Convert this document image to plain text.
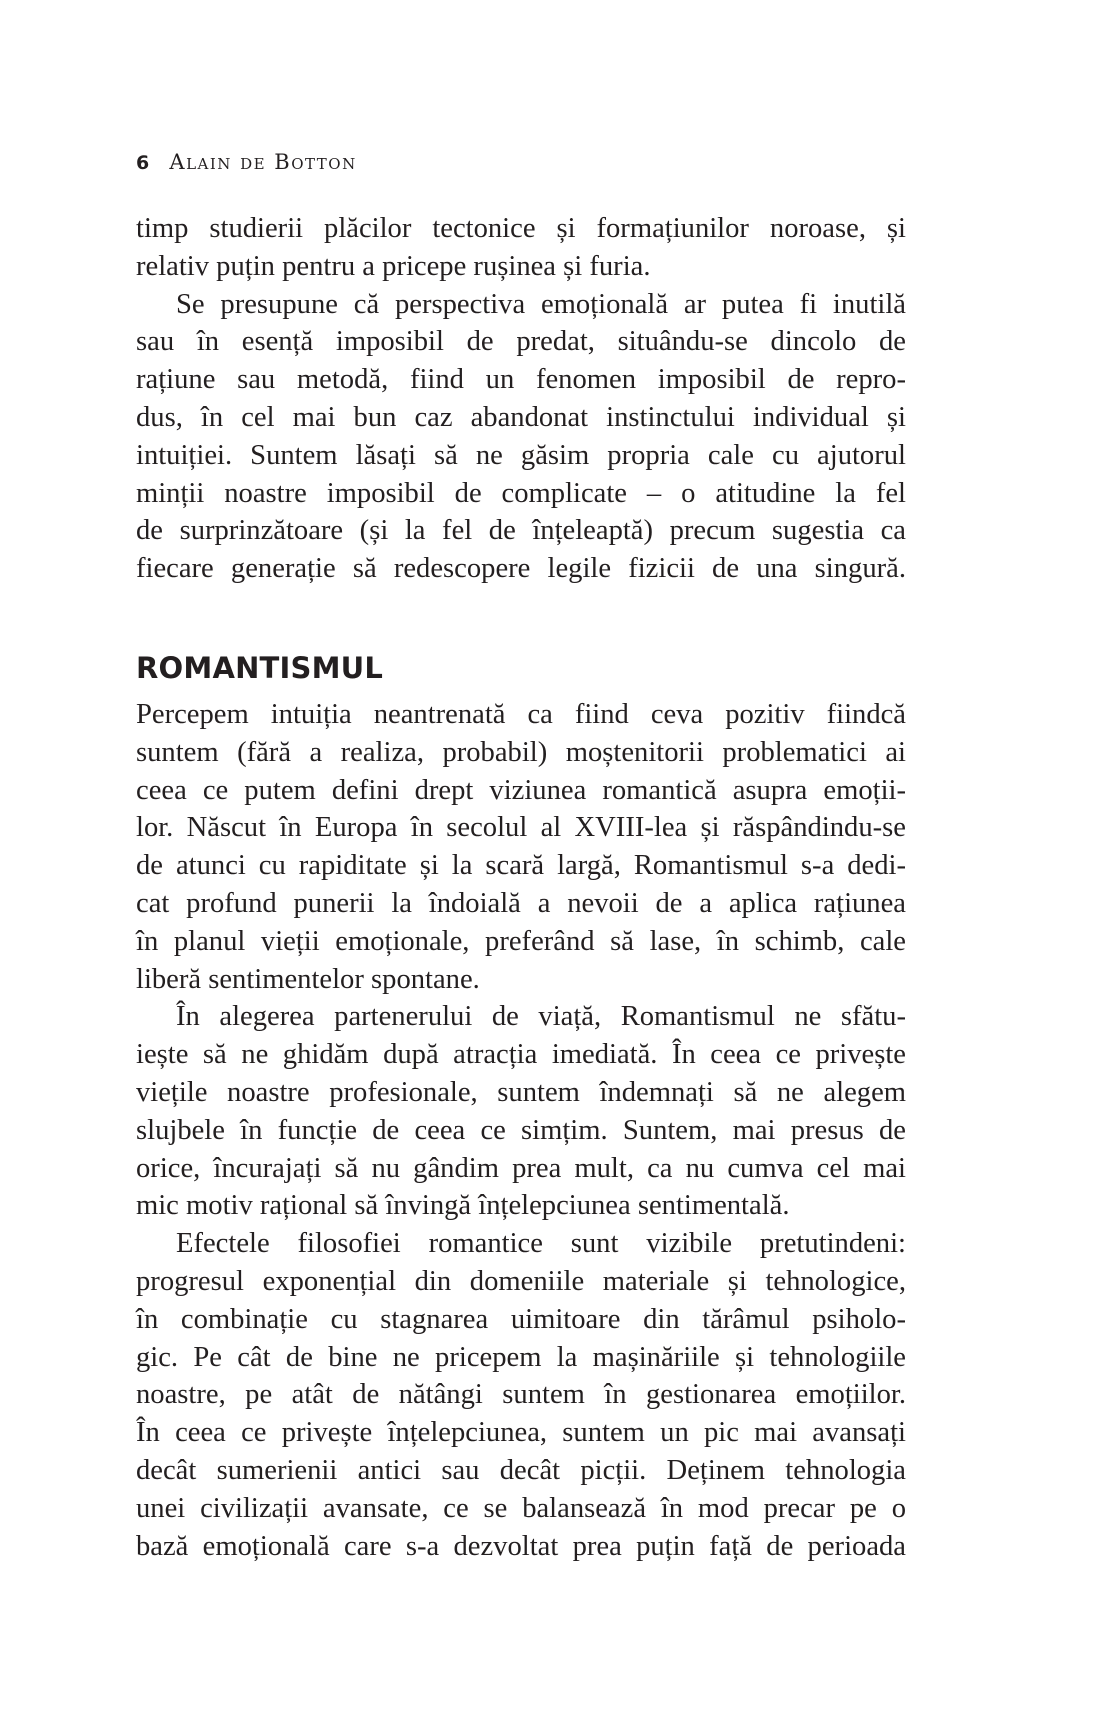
6 Alain de Botton

timp studierii plăcilor tectonice și formațiunilor noroase, și
relativ puțin pentru a pricepe rușinea și furia.

Se presupune că perspectiva emoțională ar putea fi inutilă
sau în esență imposibil de predat, situându-se dincolo de
rațiune sau metodă, fiind un fenomen imposibil de repro-
dus, în cel mai bun caz abandonat instinctului individual și
intuiției. Suntem lăsați să ne găsim propria cale cu ajutorul
minții noastre imposibil de complicate – o atitudine la fel
de surprinzătoare (și la fel de înțeleaptă) precum sugestia ca
fiecare generație să redescopere legile fizicii de una singură.

ROMANTISMUL

Percepem intuiția neantrenată ca fiind ceva pozitiv fiindcă
suntem (fără a realiza, probabil) moștenitorii problematici ai
ceea ce putem defini drept viziunea romantică asupra emoții-
lor. Născut în Europa în secolul al XVIII-lea și răspândindu-se
de atunci cu rapiditate și la scară largă, Romantismul s-a dedi-
cat profund punerii la îndoială a nevoii de a aplica rațiunea
în planul vieții emoționale, preferând să lase, în schimb, cale
liberă sentimentelor spontane.

În alegerea partenerului de viață, Romantismul ne sfătu-
iește să ne ghidăm după atracția imediată. În ceea ce privește
viețile noastre profesionale, suntem îndemnați să ne alegem
slujbele în funcție de ceea ce simțim. Suntem, mai presus de
orice, încurajați să nu gândim prea mult, ca nu cumva cel mai
mic motiv rațional să învingă înțelepciunea sentimentală.

Efectele filosofiei romantice sunt vizibile pretutindeni:
progresul exponențial din domeniile materiale și tehnologice,
în combinație cu stagnarea uimitoare din tărâmul psiholo-
gic. Pe cât de bine ne pricepem la mașinăriile și tehnologiile
noastre, pe atât de nătângi suntem în gestionarea emoțiilor.
În ceea ce privește înțelepciunea, suntem un pic mai avansați
decât sumerienii antici sau decât picții. Deținem tehnologia
unei civilizații avansate, ce se balansează în mod precar pe o
bază emoțională care s-a dezvoltat prea puțin față de perioada
